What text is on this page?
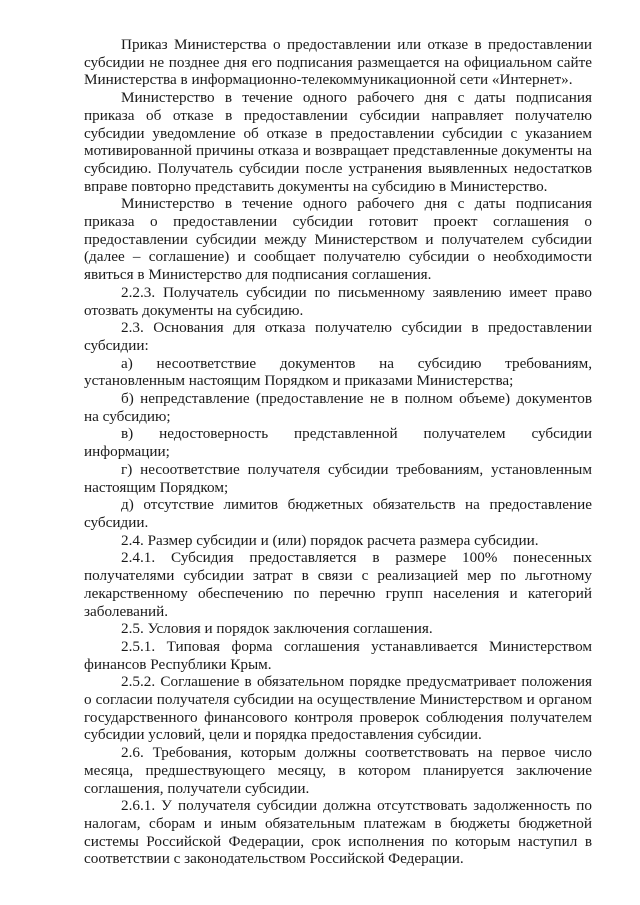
Приказ Министерства о предоставлении или отказе в предоставлении субсидии не позднее дня его подписания размещается на официальном сайте Министерства в информационно-телекоммуникационной сети «Интернет».

Министерство в течение одного рабочего дня с даты подписания приказа об отказе в предоставлении субсидии направляет получателю субсидии уведомление об отказе в предоставлении субсидии с указанием мотивированной причины отказа и возвращает представленные документы на субсидию. Получатель субсидии после устранения выявленных недостатков вправе повторно представить документы на субсидию в Министерство.

Министерство в течение одного рабочего дня с даты подписания приказа о предоставлении субсидии готовит проект соглашения о предоставлении субсидии между Министерством и получателем субсидии (далее – соглашение) и сообщает получателю субсидии о необходимости явиться в Министерство для подписания соглашения.

2.2.3. Получатель субсидии по письменному заявлению имеет право отозвать документы на субсидию.

2.3. Основания для отказа получателю субсидии в предоставлении субсидии:

а) несоответствие документов на субсидию требованиям, установленным настоящим Порядком и приказами Министерства;

б) непредставление (предоставление не в полном объеме) документов на субсидию;

в) недостоверность представленной получателем субсидии информации;

г) несоответствие получателя субсидии требованиям, установленным настоящим Порядком;

д) отсутствие лимитов бюджетных обязательств на предоставление субсидии.

2.4. Размер субсидии и (или) порядок расчета размера субсидии.

2.4.1. Субсидия предоставляется в размере 100% понесенных получателями субсидии затрат в связи с реализацией мер по льготному лекарственному обеспечению по перечню групп населения и категорий заболеваний.

2.5. Условия и порядок заключения соглашения.

2.5.1. Типовая форма соглашения устанавливается Министерством финансов Республики Крым.

2.5.2. Соглашение в обязательном порядке предусматривает положения о согласии получателя субсидии на осуществление Министерством и органом государственного финансового контроля проверок соблюдения получателем субсидии условий, цели и порядка предоставления субсидии.

2.6. Требования, которым должны соответствовать на первое число месяца, предшествующего месяцу, в котором планируется заключение соглашения, получатели субсидии.

2.6.1. У получателя субсидии должна отсутствовать задолженность по налогам, сборам и иным обязательным платежам в бюджеты бюджетной системы Российской Федерации, срок исполнения по которым наступил в соответствии с законодательством Российской Федерации.
